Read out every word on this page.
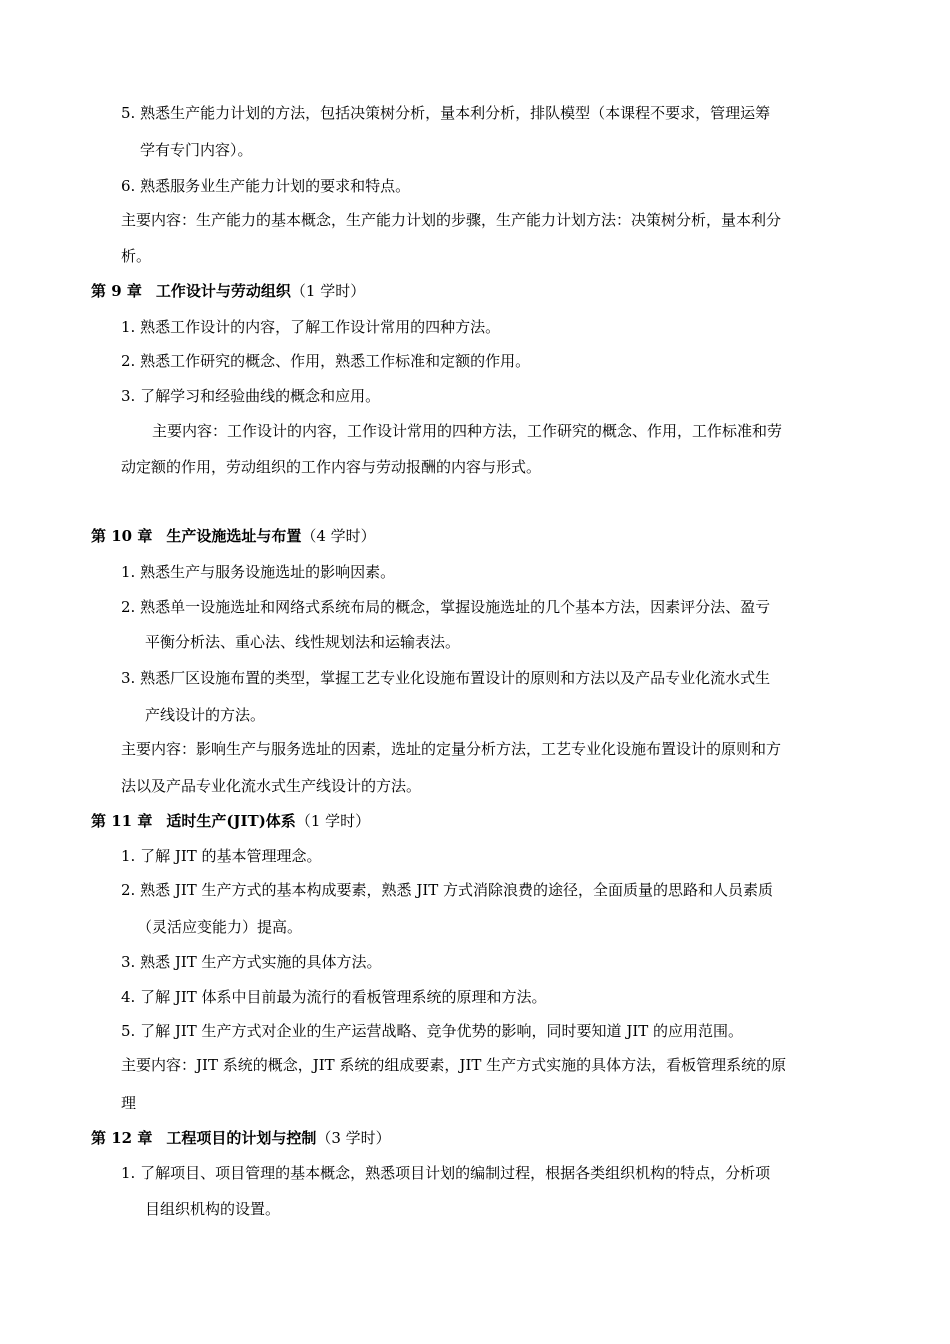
5. 熟悉生产能力计划的方法，包括决策树分析，量本利分析，排队模型（本课程不要求，管理运筹
学有专门内容）。
6. 熟悉服务业生产能力计划的要求和特点。
主要内容：生产能力的基本概念，生产能力计划的步骤，生产能力计划方法：决策树分析，量本利分
析。
第 9 章 工作设计与劳动组织（1 学时）
1. 熟悉工作设计的内容，了解工作设计常用的四种方法。
2. 熟悉工作研究的概念、作用，熟悉工作标准和定额的作用。
3. 了解学习和经验曲线的概念和应用。
主要内容：工作设计的内容，工作设计常用的四种方法，工作研究的概念、作用，工作标准和劳
动定额的作用，劳动组织的工作内容与劳动报酬的内容与形式。
第 10 章 生产设施选址与布置（4 学时）
1. 熟悉生产与服务设施选址的影响因素。
2. 熟悉单一设施选址和网络式系统布局的概念，掌握设施选址的几个基本方法，因素评分法、盈亏
平衡分析法、重心法、线性规划法和运输表法。
3. 熟悉厂区设施布置的类型，掌握工艺专业化设施布置设计的原则和方法以及产品专业化流水式生
产线设计的方法。
主要内容：影响生产与服务选址的因素，选址的定量分析方法，工艺专业化设施布置设计的原则和方
法以及产品专业化流水式生产线设计的方法。
第 11 章 适时生产(JIT)体系（1 学时）
1. 了解 JIT 的基本管理理念。
2. 熟悉 JIT 生产方式的基本构成要素，熟悉 JIT 方式消除浪费的途径，全面质量的思路和人员素质
（灵活应变能力）提高。
3. 熟悉 JIT 生产方式实施的具体方法。
4. 了解 JIT 体系中目前最为流行的看板管理系统的原理和方法。
5. 了解 JIT 生产方式对企业的生产运营战略、竞争优势的影响，同时要知道 JIT 的应用范围。
主要内容：JIT 系统的概念，JIT 系统的组成要素，JIT 生产方式实施的具体方法，看板管理系统的原
理
第 12 章 工程项目的计划与控制（3 学时）
1. 了解项目、项目管理的基本概念，熟悉项目计划的编制过程，根据各类组织机构的特点，分析项
目组织机构的设置。
